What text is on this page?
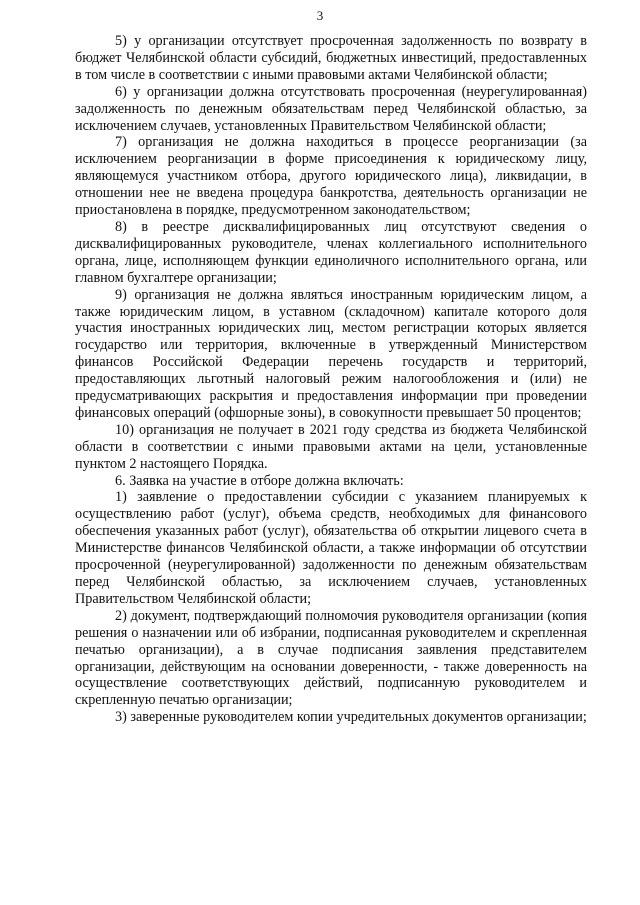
3

5) у организации отсутствует просроченная задолженность по возврату в бюджет Челябинской области субсидий, бюджетных инвестиций, предоставленных в том числе в соответствии с иными правовыми актами Челябинской области;

6) у организации должна отсутствовать просроченная (неурегулированная) задолженность по денежным обязательствам перед Челябинской областью, за исключением случаев, установленных Правительством Челябинской области;

7) организация не должна находиться в процессе реорганизации (за исключением реорганизации в форме присоединения к юридическому лицу, являющемуся участником отбора, другого юридического лица), ликвидации, в отношении нее не введена процедура банкротства, деятельность организации не приостановлена в порядке, предусмотренном законодательством;

8) в реестре дисквалифицированных лиц отсутствуют сведения о дисквалифицированных руководителе, членах коллегиального исполнительного органа, лице, исполняющем функции единоличного исполнительного органа, или главном бухгалтере организации;

9) организация не должна являться иностранным юридическим лицом, а также юридическим лицом, в уставном (складочном) капитале которого доля участия иностранных юридических лиц, местом регистрации которых является государство или территория, включенные в утвержденный Министерством финансов Российской Федерации перечень государств и территорий, предоставляющих льготный налоговый режим налогообложения и (или) не предусматривающих раскрытия и предоставления информации при проведении финансовых операций (офшорные зоны), в совокупности превышает 50 процентов;

10) организация не получает в 2021 году средства из бюджета Челябинской области в соответствии с иными правовыми актами на цели, установленные пунктом 2 настоящего Порядка.

6. Заявка на участие в отборе должна включать:

1) заявление о предоставлении субсидии с указанием планируемых к осуществлению работ (услуг), объема средств, необходимых для финансового обеспечения указанных работ (услуг), обязательства об открытии лицевого счета в Министерстве финансов Челябинской области, а также информации об отсутствии просроченной (неурегулированной) задолженности по денежным обязательствам перед Челябинской областью, за исключением случаев, установленных Правительством Челябинской области;

2) документ, подтверждающий полномочия руководителя организации (копия решения о назначении или об избрании, подписанная руководителем и скрепленная печатью организации), а в случае подписания заявления представителем организации, действующим на основании доверенности, - также доверенность на осуществление соответствующих действий, подписанную руководителем и скрепленную печатью организации;

3) заверенные руководителем копии учредительных документов организации;
